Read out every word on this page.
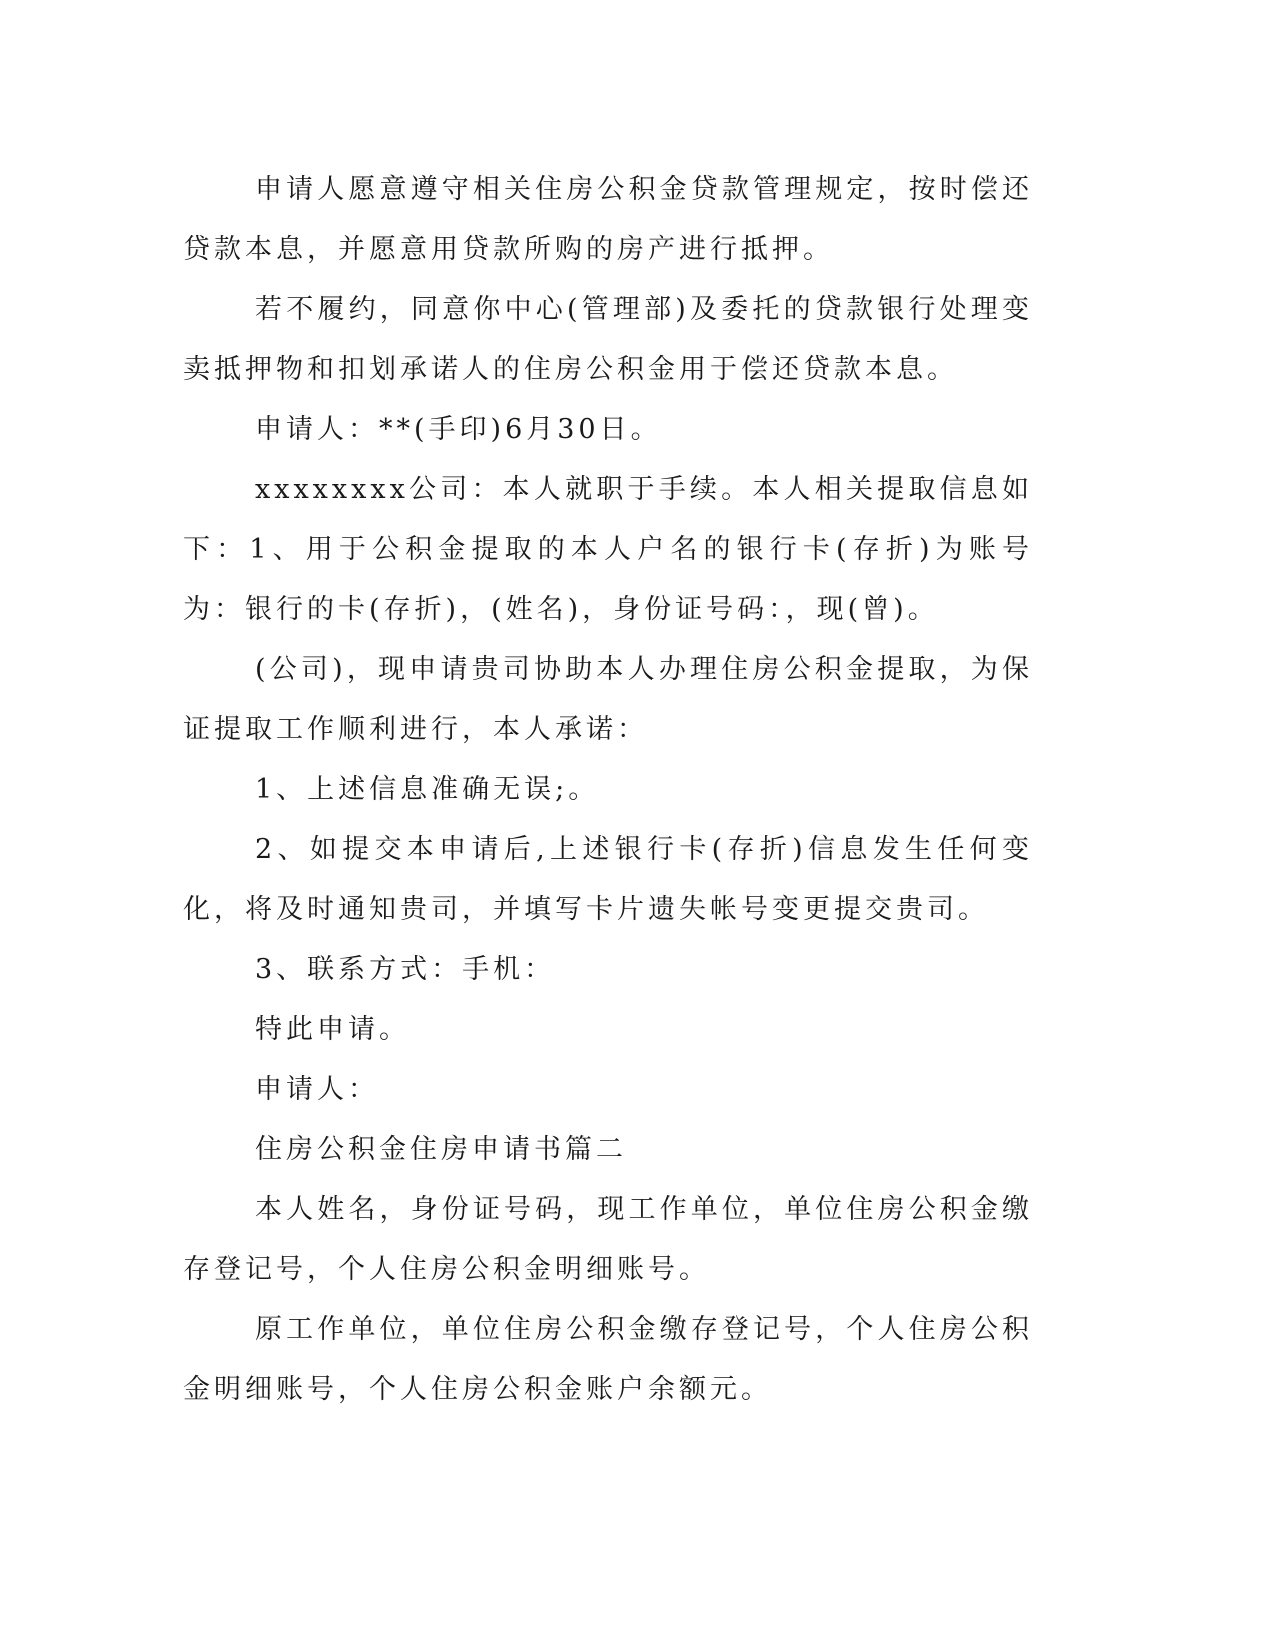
申请人愿意遵守相关住房公积金贷款管理规定，按时偿还贷款本息，并愿意用贷款所购的房产进行抵押。

若不履约，同意你中心(管理部)及委托的贷款银行处理变卖抵押物和扣划承诺人的住房公积金用于偿还贷款本息。

申请人：**(手印)6月30日。

xxxxxxxx公司：本人就职于手续。本人相关提取信息如下：1、用于公积金提取的本人户名的银行卡(存折)为账号为：银行的卡(存折)，(姓名)，身份证号码：，现(曾)。

(公司)，现申请贵司协助本人办理住房公积金提取，为保证提取工作顺利进行，本人承诺：

1、上述信息准确无误;。

2、如提交本申请后,上述银行卡(存折)信息发生任何变化，将及时通知贵司，并填写卡片遗失帐号变更提交贵司。

3、联系方式：手机：

特此申请。

申请人：

住房公积金住房申请书篇二

本人姓名，身份证号码，现工作单位，单位住房公积金缴存登记号，个人住房公积金明细账号。

原工作单位，单位住房公积金缴存登记号，个人住房公积金明细账号，个人住房公积金账户余额元。
